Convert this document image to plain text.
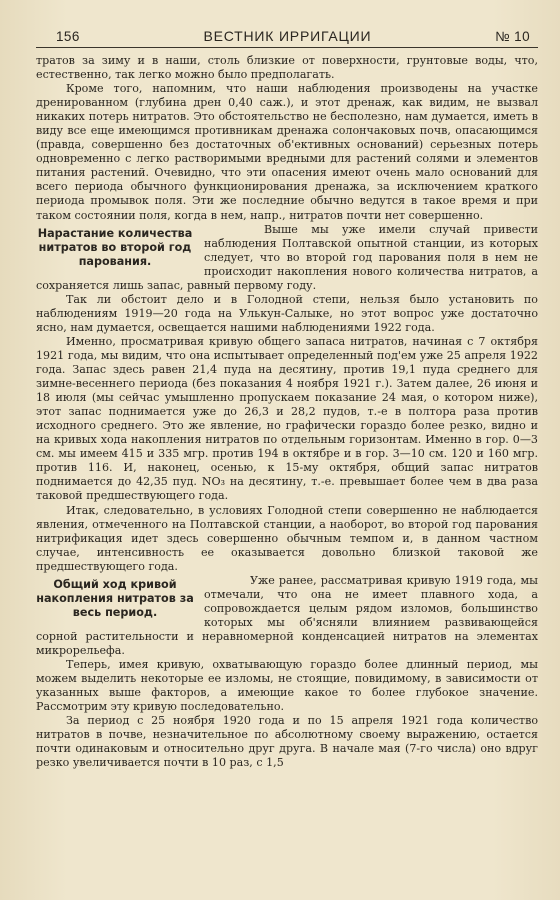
156	ВЕСТНИК ИРРИГАЦИИ	№ 10

тратов за зиму и в наши, столь близкие от поверхности, грунтовые воды, что, естественно, так легко можно было предполагать.

Кроме того, напомним, что наши наблюдения производены на участке дренированном (глубина дрен 0,40 саж.), и этот дренаж, как видим, не вызвал никаких потерь нитратов. Это обстоятельство не бесполезно, нам думается, иметь в виду все еще имеющимся противникам дренажа солончаковых почв, опасающимся (правда, совершенно без достаточных об'ективных оснований) серьезных потерь одновременно с легко растворимыми вредными для растений солями и элементов питания растений. Очевидно, что эти опасения имеют очень мало оснований для всего периода обычного функционирования дренажа, за исключением краткого периода промывок поля. Эти же последние обычно ведутся в такое время и при таком состоянии поля, когда в нем, напр., нитратов почти нет совершенно.

Нарастание количества нитратов во второй год парования.

Выше мы уже имели случай привести наблюдения Полтавской опытной станции, из которых следует, что во второй год парования поля в нем не происходит накопления нового количества нитратов, а сохраняется лишь запас, равный первому году.

Так ли обстоит дело и в Голодной степи, нельзя было установить по наблюдениям 1919—20 года на Улькун-Салыке, но этот вопрос уже достаточно ясно, нам думается, освещается нашими наблюдениями 1922 года.

Именно, просматривая кривую общего запаса нитратов, начиная с 7 октября 1921 года, мы видим, что она испытывает определенный под'ем уже 25 апреля 1922 года. Запас здесь равен 21,4 пуда на десятину, против 19,1 пуда среднего для зимне-весеннего периода (без показания 4 ноября 1921 г.). Затем далее, 26 июня и 18 июля (мы сейчас умышленно пропускаем показание 24 мая, о котором ниже), этот запас поднимается уже до 26,3 и 28,2 пудов, т.-е в полтора раза против исходного среднего. Это же явление, но графически гораздо более резко, видно и на кривых хода накопления нитратов по отдельным горизонтам. Именно в гор. 0—3 см. мы имеем 415 и 335 мгр. против 194 в октябре и в гор. 3—10 см. 120 и 160 мгр. против 116. И, наконец, осенью, к 15-му октября, общий запас нитратов поднимается до 42,35 пуд. NO₃ на десятину, т.-е. превышает более чем в два раза таковой предшествующего года.

Итак, следовательно, в условиях Голодной степи совершенно не наблюдается явления, отмеченного на Полтавской станции, а наоборот, во второй год парования нитрификация идет здесь совершенно обычным темпом и, в данном частном случае, интенсивность ее оказывается довольно близкой таковой же предшествующего года.

Общий ход кривой накопления нитратов за весь период.

Уже ранее, рассматривая кривую 1919 года, мы отмечали, что она не имеет плавного хода, а сопровождается целым рядом изломов, большинство которых мы об'ясняли влиянием развивающейся сорной растительности и неравномерной конденсацией нитратов на элементах микрорельефа.

Теперь, имея кривую, охватывающую гораздо более длинный период, мы можем выделить некоторые ее изломы, не стоящие, повидимому, в зависимости от указанных выше факторов, а имеющие какое то более глубокое значение. Рассмотрим эту кривую последовательно.

За период с 25 ноября 1920 года и по 15 апреля 1921 года количество нитратов в почве, незначительное по абсолютному своему выражению, остается почти одинаковым и относительно друг друга. В начале мая (7-го числа) оно вдруг резко увеличивается почти в 10 раз, с 1,5
